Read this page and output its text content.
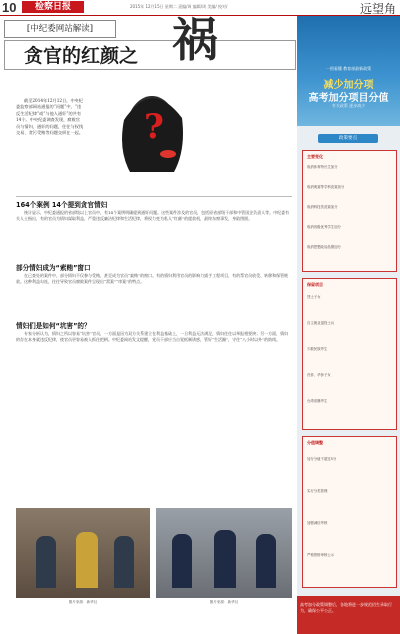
10	检察日报	2015年 12月15日 星期二 责编/周 编辑/周 美编/ 校对/	远望角
[中纪委网站解读]
贪官的红颜之 祸
截至2014年12月12日，中央纪委监察部网站通报的“问题”中，“违反生活纪律”或“与他人通奸”的共有14个。中央纪委调查发现，腐败官员与情妇、通奸的问题，往往与权钱交易、贪污受贿等问题交织在一起。 ?
164个案例 14个提到贪官情妇
统计显示，中纪委通报的省部级以上官员中，有14个案例明确提到通奸问题。这些案件涉及的官员，包括原省部级干部和中管国企负责人等。中纪委有关人士指出，有的官员为情妇谋取利益，严重违反廉洁纪律和生活纪律，将权力变为私人“红颜”的提款机，最终东窗事发，身陷囹圄。
部分情妇成为“索贿”窗口
在已查处的案件中，部分情妇不仅参与受贿，甚至成为官员“索贿”的窗口。有的情妇利用官员的影响力插手工程项目，有的帮官员收受、转移和保管赃款。这种利益勾连，往往导致官员腐败案件呈现出“窝案”“串案”的特点。
情妇们是如何“坑害”的？
专家分析认为，情妇之所以容易“坑害”官员，一方面是因为双方关系建立在利益基础上，一旦利益无法满足，情妇往往以举报相要挟；另一方面，情妇的存在本身就违反纪律，使官员更容易被人抓住把柄。中纪委网站发文提醒，党员干部应当自觉抵制诱惑，管好“生活圈”，守住“八小时以外”的防线。
图片来源：新华社	图片来源：新华社
一图看懂 教育部最新政策
减少加分项
高考加分项目分值
有关政策 逐步减少
政策要点
主要变化
取消体育特长生加分
取消奥赛等学科竞赛加分
取消科技类竞赛加分
取消省级优秀学生加分
取消思想政治品德加分
保留项目
烈士子女
自主就业退役士兵
少数民族考生
归侨、华侨子女
台湾省籍考生
分值调整
加分分值不超过5分
实行分类管理
加强诚信考核
严格资格审核公示
高考加分政策调整后，各地将进一步规范招生录取行为，确保公平公正。
